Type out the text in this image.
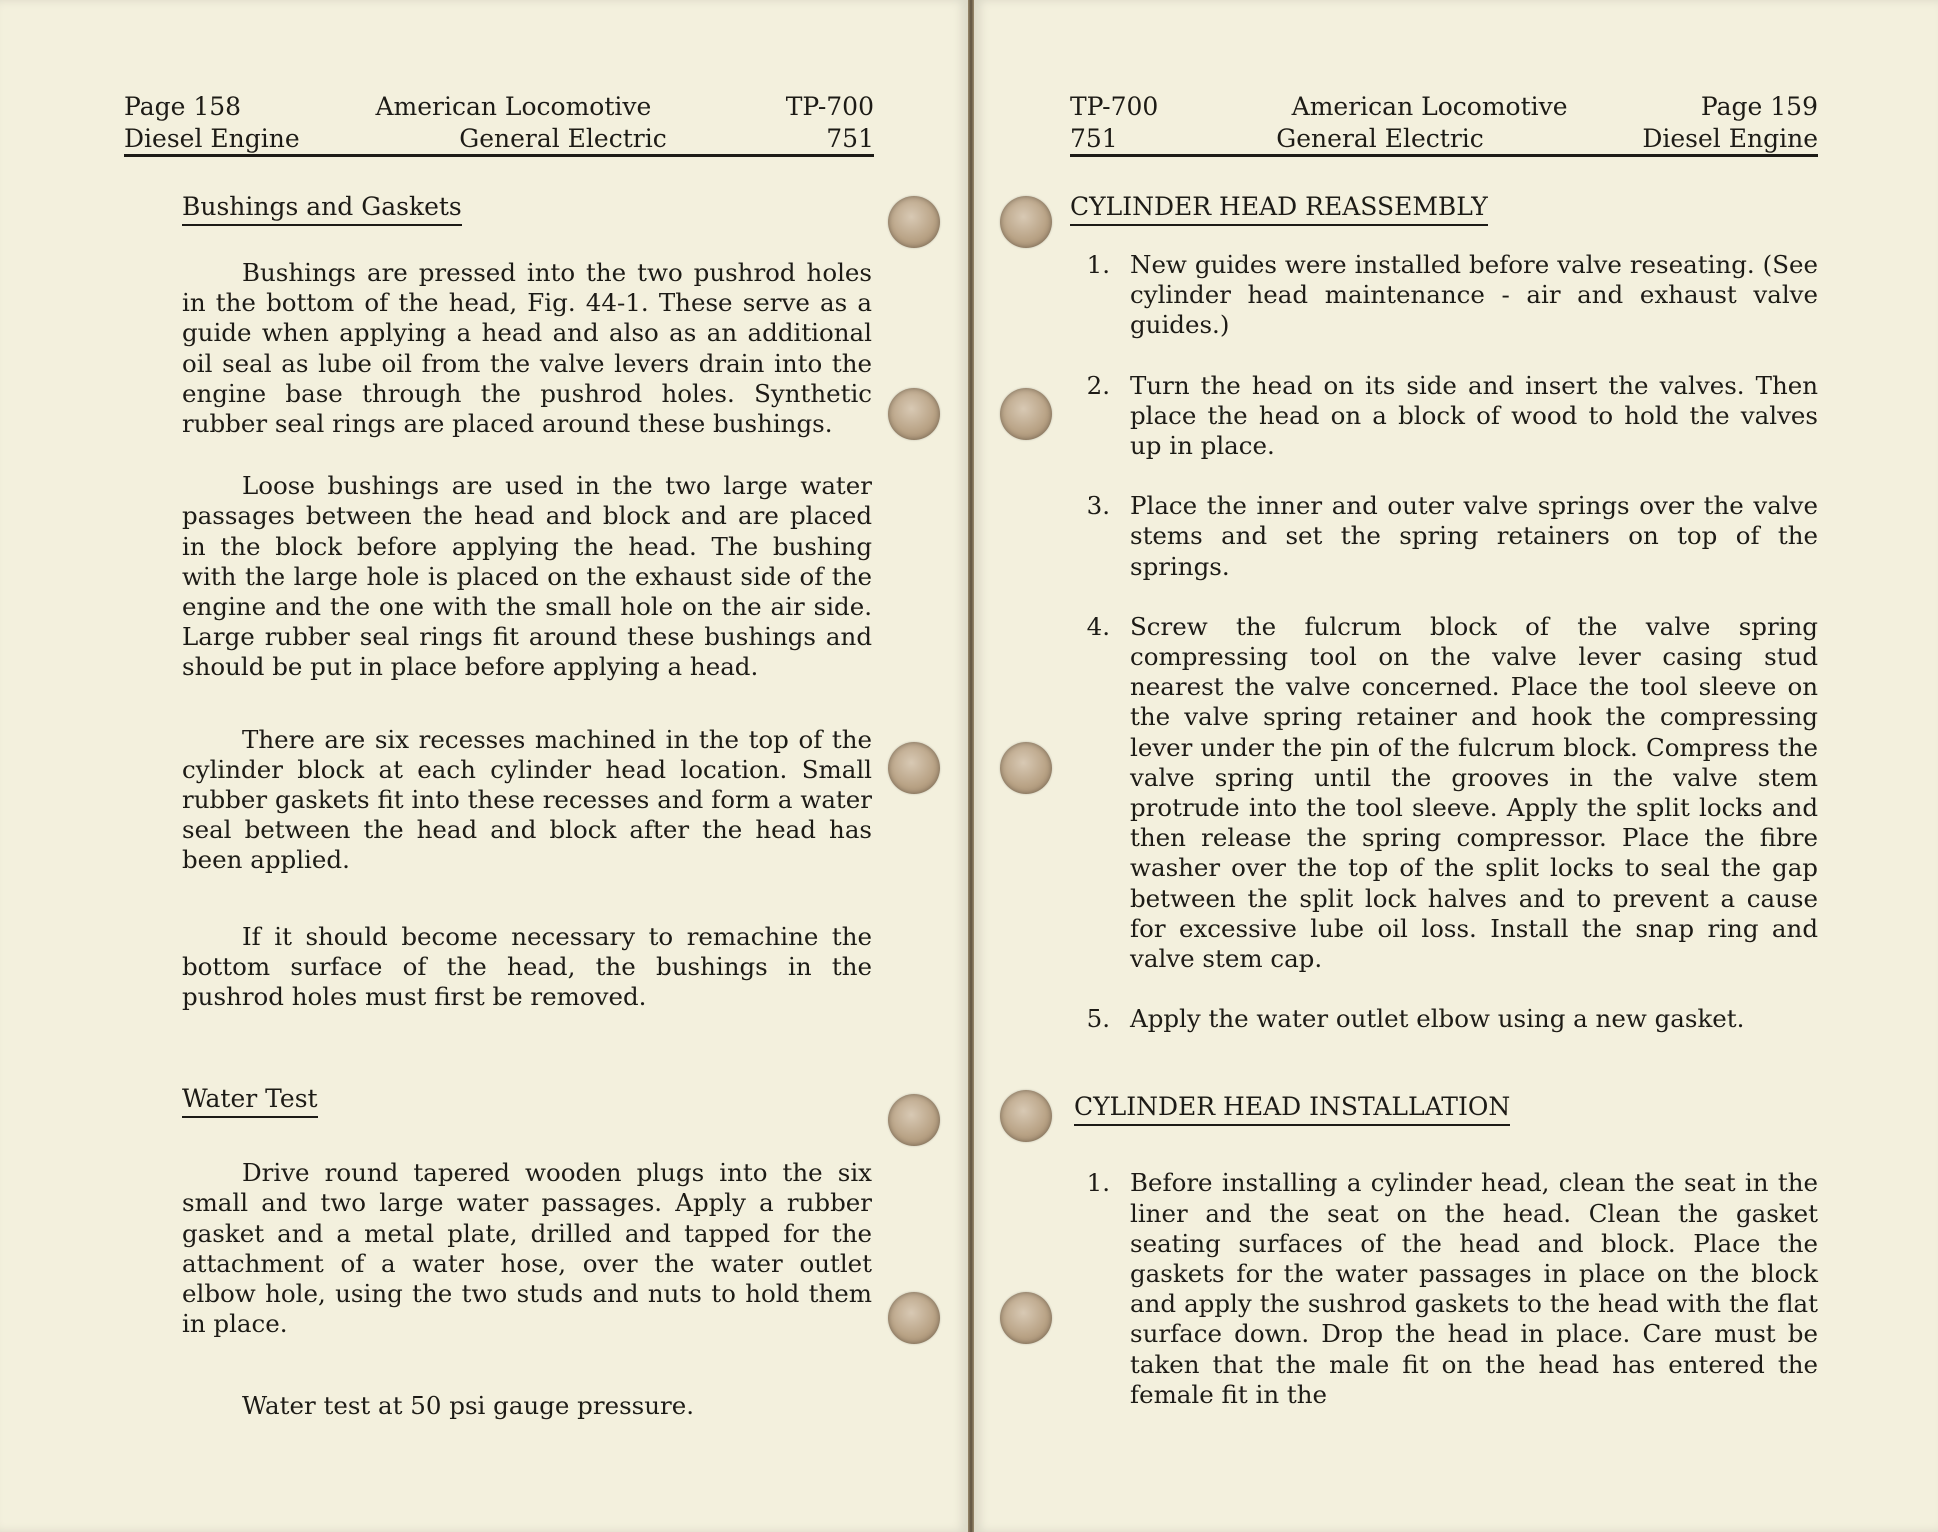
Page 158	American Locomotive	TP-700
Diesel Engine	General Electric	751
Bushings and Gaskets

Bushings are pressed into the two pushrod holes in the bottom of the head, Fig. 44-1. These serve as a guide when applying a head and also as an additional oil seal as lube oil from the valve levers drain into the engine base through the pushrod holes. Synthetic rubber seal rings are placed around these bushings.

Loose bushings are used in the two large water passages between the head and block and are placed in the block before applying the head. The bushing with the large hole is placed on the exhaust side of the engine and the one with the small hole on the air side. Large rubber seal rings fit around these bushings and should be put in place before applying a head.

There are six recesses machined in the top of the cylinder block at each cylinder head location. Small rubber gaskets fit into these recesses and form a water seal between the head and block after the head has been applied.

If it should become necessary to remachine the bottom surface of the head, the bushings in the pushrod holes must first be removed.

Water Test

Drive round tapered wooden plugs into the six small and two large water passages. Apply a rubber gasket and a metal plate, drilled and tapped for the attachment of a water hose, over the water outlet elbow hole, using the two studs and nuts to hold them in place.

Water test at 50 psi gauge pressure.

TP-700	American Locomotive	Page 159
751	General Electric	Diesel Engine
CYLINDER HEAD REASSEMBLY
1. New guides were installed before valve reseating. (See cylinder head maintenance - air and exhaust valve guides.)
2. Turn the head on its side and insert the valves. Then place the head on a block of wood to hold the valves up in place.
3. Place the inner and outer valve springs over the valve stems and set the spring retainers on top of the springs.
4. Screw the fulcrum block of the valve spring compressing tool on the valve lever casing stud nearest the valve concerned. Place the tool sleeve on the valve spring retainer and hook the compressing lever under the pin of the fulcrum block. Compress the valve spring until the grooves in the valve stem protrude into the tool sleeve. Apply the split locks and then release the spring compressor. Place the fibre washer over the top of the split locks to seal the gap between the split lock halves and to prevent a cause for excessive lube oil loss. Install the snap ring and valve stem cap.
5. Apply the water outlet elbow using a new gasket.
CYLINDER HEAD INSTALLATION
1. Before installing a cylinder head, clean the seat in the liner and the seat on the head. Clean the gasket seating surfaces of the head and block. Place the gaskets for the water passages in place on the block and apply the sushrod gaskets to the head with the flat surface down. Drop the head in place. Care must be taken that the male fit on the head has entered the female fit in the
